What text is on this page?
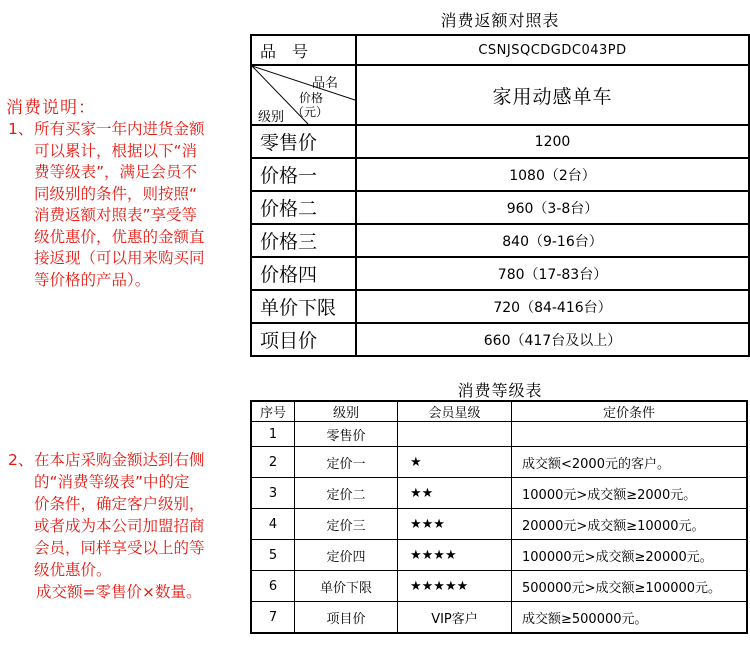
消费说明：
1、所有买家一年内进货金额
可以累计，根据以下“消
费等级表”，满足会员不
同级别的条件，则按照“
消费返额对照表”享受等
级优惠价，优惠的金额直
接返现（可以用来购买同
等价格的产品）。
2、在本店采购金额达到右侧
的“消费等级表”中的定
价条件，确定客户级别，
或者成为本公司加盟招商
会员，同样享受以上的等
级优惠价。
成交额=零售价×数量。
消费返额对照表
品　号	CSNJSQCDGDC043PD

品名
价格
（元）
级别	家用动感单车
零售价	1200
价格一	1080（2台）
价格二	960（3-8台）
价格三	840（9-16台）
价格四	780（17-83台）
单价下限	720（84-416台）
项目价	660（417台及以上）
消费等级表
序号	级别	会员星级	定价条件
1	零售价		
2	定价一	★	成交额<2000元的客户。
3	定价二	★★	10000元>成交额≥2000元。
4	定价三	★★★	20000元>成交额≥10000元。
5	定价四	★★★★	100000元>成交额≥20000元。
6	单价下限	★★★★★	500000元>成交额≥100000元。
7	项目价	VIP客户	成交额≥500000元。
